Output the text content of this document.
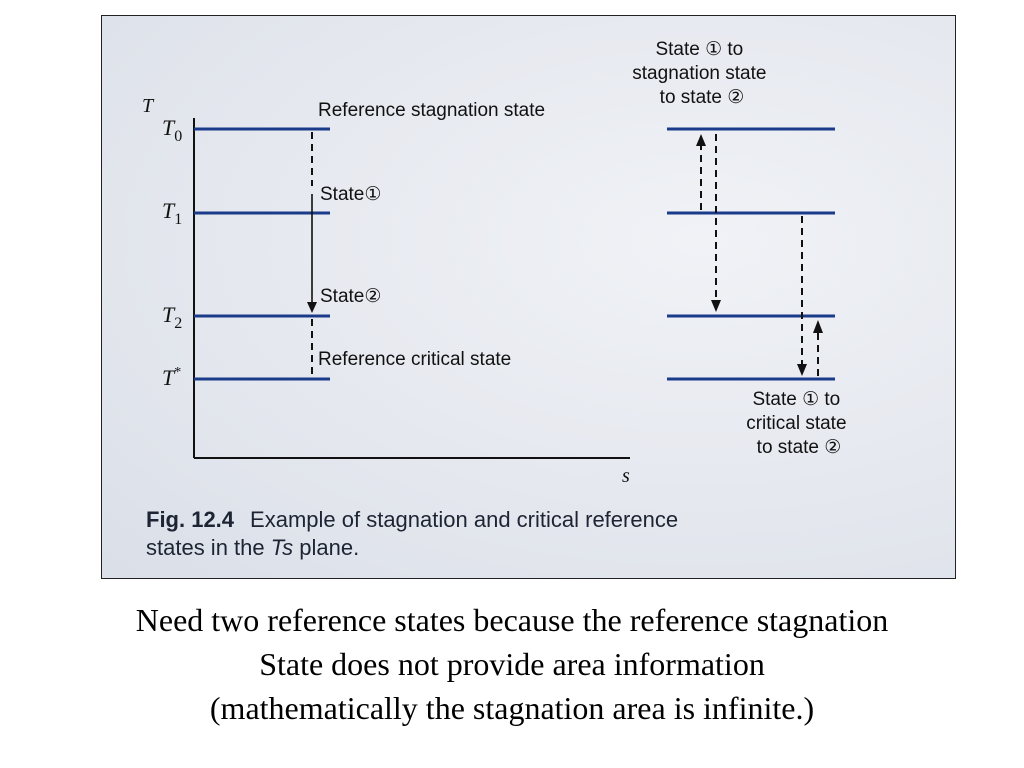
T
s
$T_0$
$T_1$
$T_2$
T*
Reference stagnation state
State①
State②
Reference critical state
State ① to stagnation state to state ②
State ① to critical state to state ②
Fig. 12.4 Example of stagnation and critical reference
states in the Ts plane.
Need two reference states because the reference stagnation
State does not provide area information
(mathematically the stagnation area is infinite.)
